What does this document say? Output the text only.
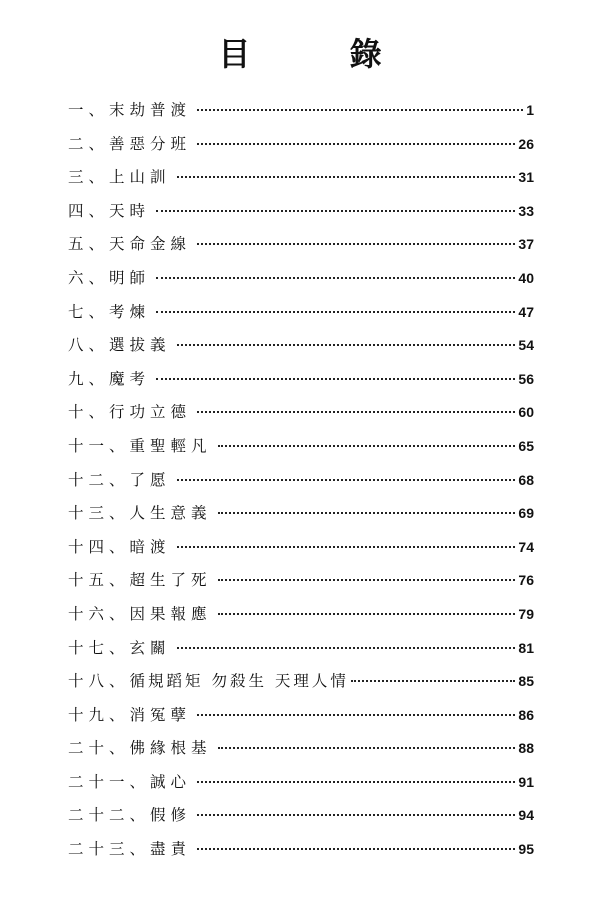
目 錄
一、 末劫普渡	1
二、 善惡分班	26
三、 上山訓	31
四、 天時	33
五、 天命金線	37
六、 明師	40
七、 考煉	47
八、 選拔義	54
九、 魔考	56
十、 行功立德	60
十一、 重聖輕凡	65
十二、 了愿	68
十三、 人生意義	69
十四、 暗渡	74
十五、 超生了死	76
十六、 因果報應	79
十七、 玄關	81
十八、 循規蹈矩 勿殺生 天理人情	85
十九、 消冤孽	86
二十、 佛緣根基	88
二十一、 誠心	91
二十二、 假修	94
二十三、 盡責	95
